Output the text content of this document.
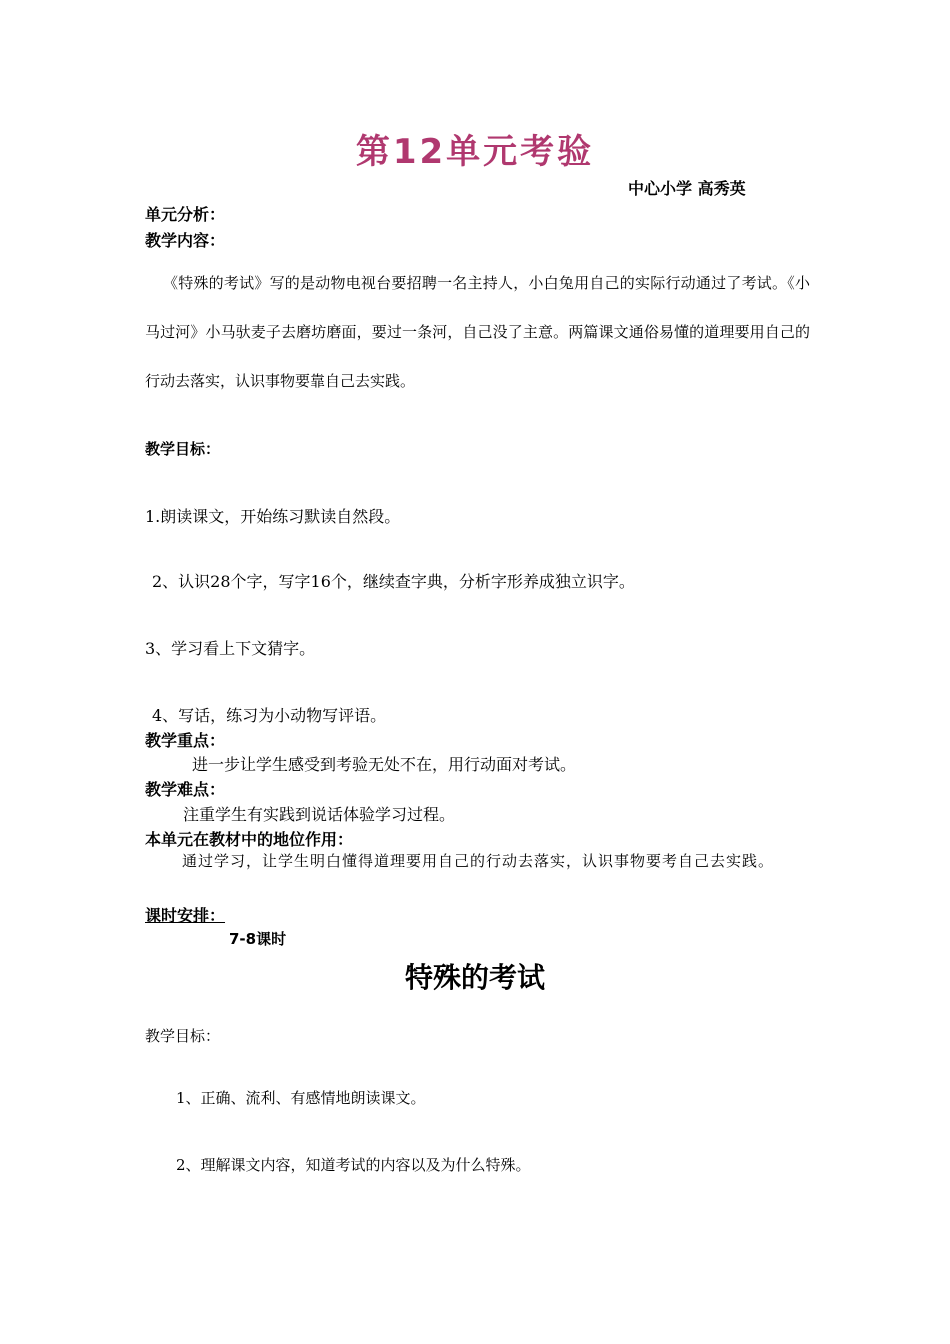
第12单元考验
中心小学 高秀英
单元分析：
教学内容：
《特殊的考试》写的是动物电视台要招聘一名主持人，小白兔用自己的实际行动通过了考试。《小马过河》小马驮麦子去磨坊磨面，要过一条河，自己没了主意。两篇课文通俗易懂的道理要用自己的行动去落实，认识事物要靠自己去实践。
教学目标：
1.朗读课文，开始练习默读自然段。
2、认识28个字，写字16个，继续查字典，分析字形养成独立识字。
3、学习看上下文猜字。
4、写话，练习为小动物写评语。
教学重点：
进一步让学生感受到考验无处不在，用行动面对考试。
教学难点：
注重学生有实践到说话体验学习过程。
本单元在教材中的地位作用：
通过学习，让学生明白懂得道理要用自己的行动去落实，认识事物要考自己去实践。
课时安排：
7-8课时
特殊的考试
教学目标：
1、正确、流利、有感情地朗读课文。
2、理解课文内容，知道考试的内容以及为什么特殊。
